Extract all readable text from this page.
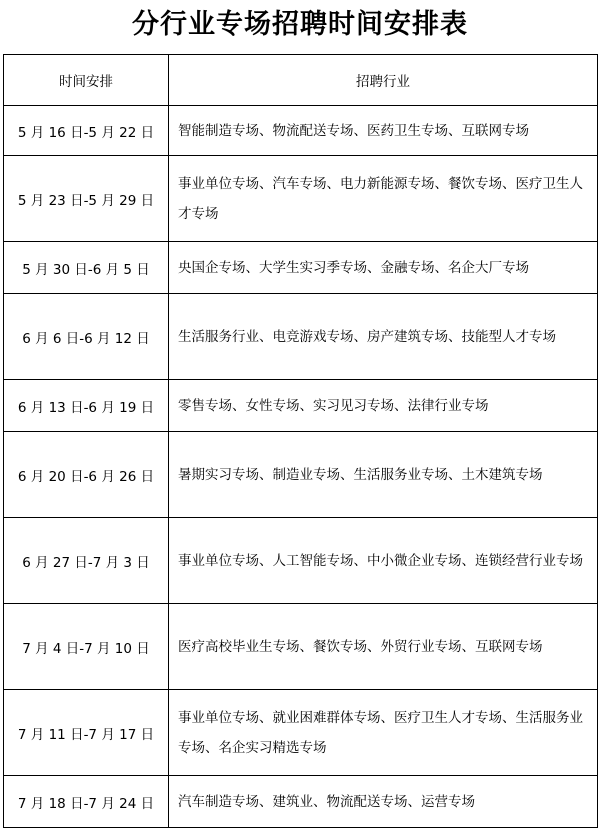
分行业专场招聘时间安排表
时间安排	招聘行业
5 月 16 日-5 月 22 日	智能制造专场、物流配送专场、医药卫生专场、互联网专场
5 月 23 日-5 月 29 日	事业单位专场、汽车专场、电力新能源专场、餐饮专场、医疗卫生人才专场
5 月 30 日-6 月 5 日	央国企专场、大学生实习季专场、金融专场、名企大厂专场
6 月 6 日-6 月 12 日	生活服务行业、电竞游戏专场、房产建筑专场、技能型人才专场
6 月 13 日-6 月 19 日	零售专场、女性专场、实习见习专场、法律行业专场
6 月 20 日-6 月 26 日	暑期实习专场、制造业专场、生活服务业专场、土木建筑专场
6 月 27 日-7 月 3 日	事业单位专场、人工智能专场、中小微企业专场、连锁经营行业专场
7 月 4 日-7 月 10 日	医疗高校毕业生专场、餐饮专场、外贸行业专场、互联网专场
7 月 11 日-7 月 17 日	事业单位专场、就业困难群体专场、医疗卫生人才专场、生活服务业专场、名企实习精选专场
7 月 18 日-7 月 24 日	汽车制造专场、建筑业、物流配送专场、运营专场
